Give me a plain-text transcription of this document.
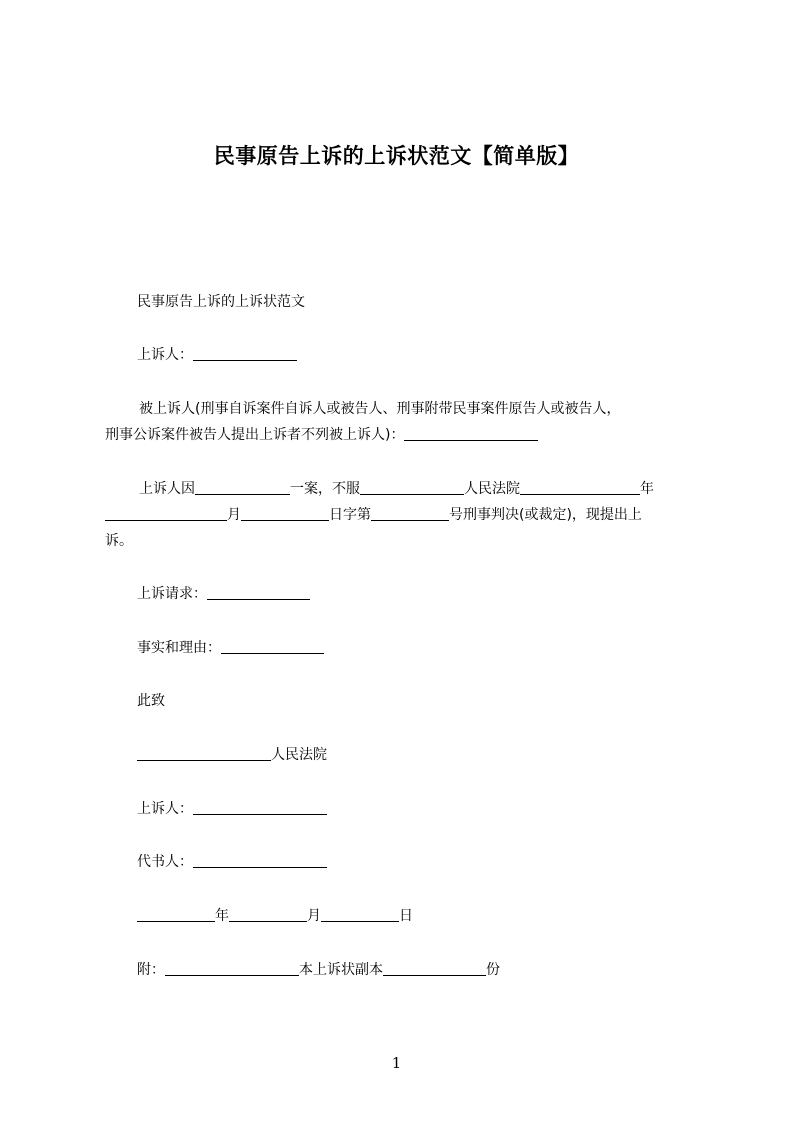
民事原告上诉的上诉状范文【简单版】
民事原告上诉的上诉状范文
上诉人：
被上诉人(刑事自诉案件自诉人或被告人、刑事附带民事案件原告人或被告人，
刑事公诉案件被告人提出上诉者不列被上诉人)：
上诉人因	一案，不服	人民法院	年
月	日字第	号刑事判决(或裁定)，现提出上
诉。
上诉请求：
事实和理由：
此致
人民法院
上诉人：
代书人：
年	月	日
附：	本上诉状副本	份
1
